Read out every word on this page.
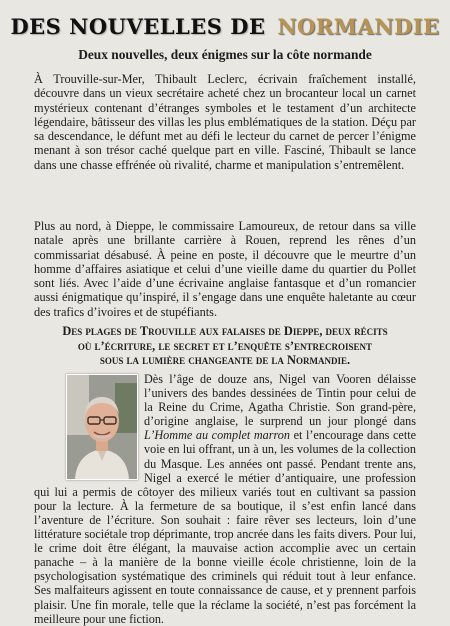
DES NOUVELLES DE NORMANDIE
Deux nouvelles, deux énigmes sur la côte normande

À Trouville-sur-Mer, Thibault Leclerc, écrivain fraîchement installé, découvre dans un vieux secrétaire acheté chez un brocanteur local un carnet mystérieux contenant d’étranges symboles et le testament d’un architecte légendaire, bâtisseur des villas les plus emblématiques de la station. Déçu par sa descendance, le défunt met au défi le lecteur du carnet de percer l’énigme menant à son trésor caché quelque part en ville. Fasciné, Thibault se lance dans une chasse effrénée où rivalité, charme et manipulation s’entremêlent.

Plus au nord, à Dieppe, le commissaire Lamoureux, de retour dans sa ville natale après une brillante carrière à Rouen, reprend les rênes d’un commissariat désabusé. À peine en poste, il découvre que le meurtre d’un homme d’affaires asiatique et celui d’une vieille dame du quartier du Pollet sont liés. Avec l’aide d’une écrivaine anglaise fantasque et d’un romancier aussi énigmatique qu’inspiré, il s’engage dans une enquête haletante au cœur des trafics d’ivoires et de stupéfiants.

Des plages de Trouville aux falaises de Dieppe, deux récits
où l’écriture, le secret et l’enquête s’entrecroisent
sous la lumière changeante de la Normandie.

Dès l’âge de douze ans, Nigel van Vooren délaisse l’univers des bandes dessinées de Tintin pour celui de la Reine du Crime, Agatha Christie. Son grand-père, d’origine anglaise, le surprend un jour plongé dans L’Homme au complet marron et l’encourage dans cette voie en lui offrant, un à un, les volumes de la collection du Masque. Les années ont passé. Pendant trente ans, Nigel a exercé le métier d’antiquaire, une profession qui lui a permis de côtoyer des milieux variés tout en cultivant sa passion pour la lecture. À la fermeture de sa boutique, il s’est enfin lancé dans l’aventure de l’écriture. Son souhait : faire rêver ses lecteurs, loin d’une littérature sociétale trop déprimante, trop ancrée dans les faits divers. Pour lui, le crime doit être élégant, la mauvaise action accomplie avec un certain panache – à la manière de la bonne vieille école christienne, loin de la psychologisation systématique des criminels qui réduit tout à leur enfance. Ses malfaiteurs agissent en toute connaissance de cause, et y prennent parfois plaisir. Une fin morale, telle que la réclame la société, n’est pas forcément la meilleure pour une fiction.
